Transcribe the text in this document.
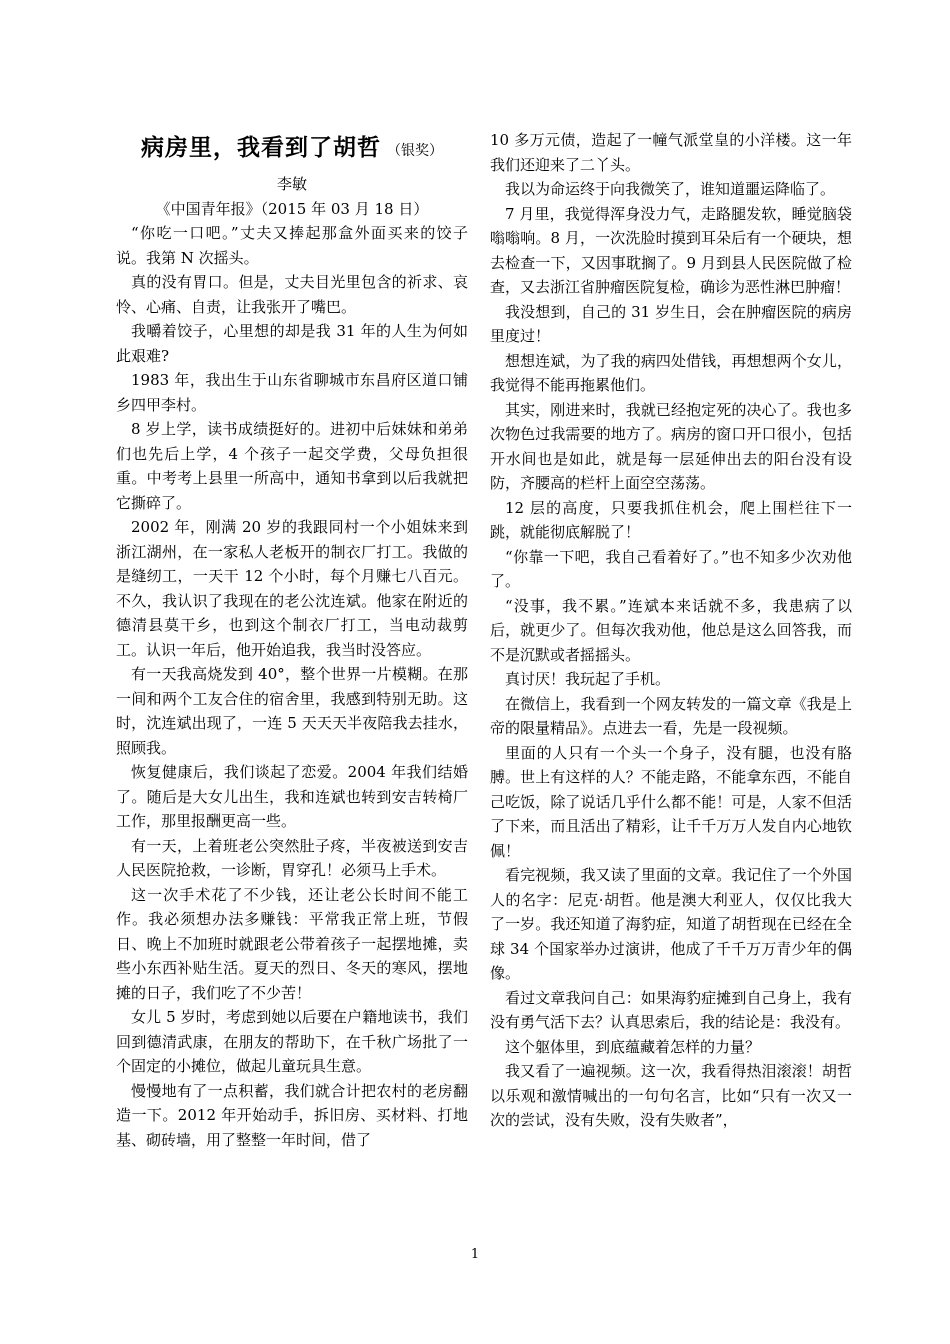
病房里，我看到了胡哲 （银奖）
李敏
《中国青年报》（2015 年 03 月 18 日）

“你吃一口吧。”丈夫又捧起那盒外面买来的饺子说。我第 N 次摇头。

真的没有胃口。但是，丈夫目光里包含的祈求、哀怜、心痛、自责，让我张开了嘴巴。

我嚼着饺子，心里想的却是我 31 年的人生为何如此艰难?

1983 年，我出生于山东省聊城市东昌府区道口铺乡四甲李村。

8 岁上学，读书成绩挺好的。进初中后妹妹和弟弟们也先后上学，4 个孩子一起交学费，父母负担很重。中考考上县里一所高中，通知书拿到以后我就把它撕碎了。

2002 年，刚满 20 岁的我跟同村一个小姐妹来到浙江湖州，在一家私人老板开的制衣厂打工。我做的是缝纫工，一天干 12 个小时，每个月赚七八百元。不久，我认识了我现在的老公沈连斌。他家在附近的德清县莫干乡，也到这个制衣厂打工，当电动裁剪工。认识一年后，他开始追我，我当时没答应。

有一天我高烧发到 40°，整个世界一片模糊。在那一间和两个工友合住的宿舍里，我感到特别无助。这时，沈连斌出现了，一连 5 天天天半夜陪我去挂水，照顾我。

恢复健康后，我们谈起了恋爱。2004 年我们结婚了。随后是大女儿出生，我和连斌也转到安吉转椅厂工作，那里报酬更高一些。

有一天，上着班老公突然肚子疼，半夜被送到安吉人民医院抢救，一诊断，胃穿孔！必须马上手术。

这一次手术花了不少钱，还让老公长时间不能工作。我必须想办法多赚钱：平常我正常上班，节假日、晚上不加班时就跟老公带着孩子一起摆地摊，卖些小东西补贴生活。夏天的烈日、冬天的寒风，摆地摊的日子，我们吃了不少苦！

女儿 5 岁时，考虑到她以后要在户籍地读书，我们回到德清武康，在朋友的帮助下，在千秋广场批了一个固定的小摊位，做起儿童玩具生意。

慢慢地有了一点积蓄，我们就合计把农村的老房翻造一下。2012 年开始动手，拆旧房、买材料、打地基、砌砖墙，用了整整一年时间，借了

10 多万元债，造起了一幢气派堂皇的小洋楼。这一年我们还迎来了二丫头。

我以为命运终于向我微笑了，谁知道噩运降临了。

7 月里，我觉得浑身没力气，走路腿发软，睡觉脑袋嗡嗡响。8 月，一次洗脸时摸到耳朵后有一个硬块，想去检查一下，又因事耽搁了。9 月到县人民医院做了检查，又去浙江省肿瘤医院复检，确诊为恶性淋巴肿瘤！

我没想到，自己的 31 岁生日，会在肿瘤医院的病房里度过！

想想连斌，为了我的病四处借钱，再想想两个女儿，我觉得不能再拖累他们。

其实，刚进来时，我就已经抱定死的决心了。我也多次物色过我需要的地方了。病房的窗口开口很小，包括开水间也是如此，就是每一层延伸出去的阳台没有设防，齐腰高的栏杆上面空空荡荡。

12 层的高度，只要我抓住机会，爬上围栏往下一跳，就能彻底解脱了！

“你靠一下吧，我自己看着好了。”也不知多少次劝他了。

“没事，我不累。”连斌本来话就不多，我患病了以后，就更少了。但每次我劝他，他总是这么回答我，而不是沉默或者摇摇头。

真讨厌！我玩起了手机。

在微信上，我看到一个网友转发的一篇文章《我是上帝的限量精品》。点进去一看，先是一段视频。

里面的人只有一个头一个身子，没有腿，也没有胳膊。世上有这样的人？不能走路，不能拿东西，不能自己吃饭，除了说话几乎什么都不能！可是，人家不但活了下来，而且活出了精彩，让千千万万人发自内心地钦佩！

看完视频，我又读了里面的文章。我记住了一个外国人的名字：尼克·胡哲。他是澳大利亚人，仅仅比我大了一岁。我还知道了海豹症，知道了胡哲现在已经在全球 34 个国家举办过演讲，他成了千千万万青少年的偶像。

看过文章我问自己：如果海豹症摊到自己身上，我有没有勇气活下去？认真思索后，我的结论是：我没有。

这个躯体里，到底蕴藏着怎样的力量？

我又看了一遍视频。这一次，我看得热泪滚滚！胡哲以乐观和激情喊出的一句句名言，比如“只有一次又一次的尝试，没有失败，没有失败者”，

1
